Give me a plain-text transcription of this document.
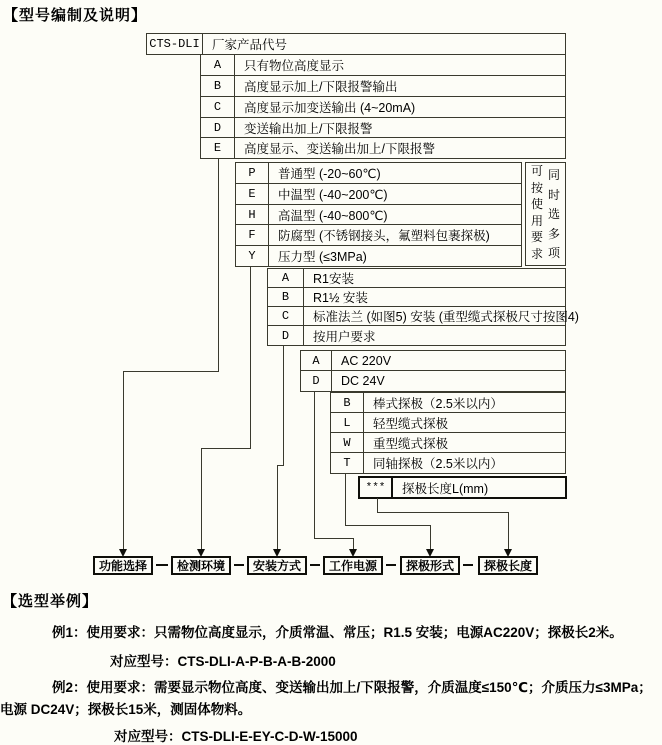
【型号编制及说明】
CTS-DLI 厂家产品代号
A	只有物位高度显示
B	高度显示加上/下限报警输出
C	高度显示加变送输出 (4~20mA)
D	变送输出加上/下限报警
E	高度显示、变送输出加上/下限报警
P	普通型 (-20~60℃)
E	中温型 (-40~200℃)
H	高温型 (-40~800℃)
F	防腐型 (不锈钢接头，氟塑料包裹探极)
Y	压力型 (≤3MPa)
可按使用要求
同时选多项
A	R1安装
B	R1½ 安装
C	标准法兰 (如图5) 安装 (重型缆式探极尺寸按图4)
D	按用户要求
A	AC 220V
D	DC 24V
B	棒式探极（2.5米以内）
L	轻型缆式探极
W	重型缆式探极
T	同轴探极（2.5米以内）
***	探极长度L(mm)
功能选择	检测环境	安装方式	工作电源	探极形式	探极长度
【选型举例】
例1：使用要求：只需物位高度显示，介质常温、常压；R1.5 安装；电源AC220V；探极长2米。
对应型号：CTS-DLI-A-P-B-A-B-2000
例2：使用要求：需要显示物位高度、变送输出加上/下限报警，介质温度≤150℃；介质压力≤3MPa；电源 DC24V；探极长15米，测固体物料。
对应型号：CTS-DLI-E-EY-C-D-W-15000
